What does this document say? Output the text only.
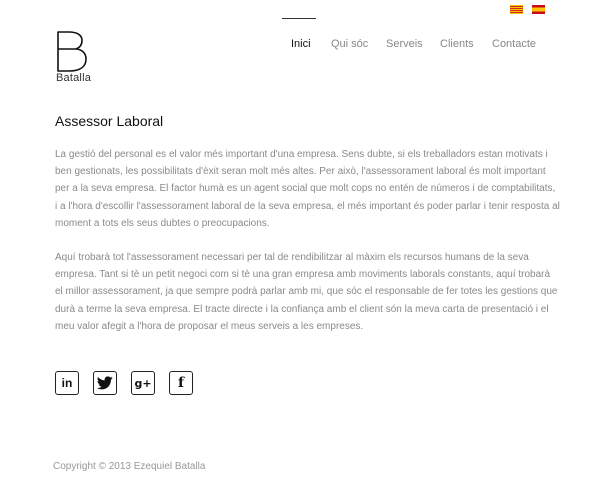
Batalla
Inici Qui sóc Serveis Clients Contacte
Assessor Laboral

La gestió del personal es el valor més important d'una empresa. Sens dubte, si els treballadors estan motivats i ben gestionats, les possibilitats d'èxit seran molt més altes. Per això, l'assessorament laboral és molt important per a la seva empresa. El factor humà es un agent social que molt cops no entén de números i de comptabilitats, i a l'hora d'escollir l'assessorament laboral de la seva empresa, el més important és poder parlar i tenir resposta al moment a tots els seus dubtes o preocupacions.

Aquí trobarà tot l'assessorament necessari per tal de rendibilitzar al màxim els recursos humans de la seva empresa. Tant si tè un petit negoci com si tè una gran empresa amb moviments laborals constants, aquí trobarà el millor assessorament, ja que sempre podrà parlar amb mi, que sóc el responsable de fer totes les gestions que durà a terme la seva empresa. El tracte directe i la confiança amb el client són la meva carta de presentació i el meu valor afegit a l'hora de proposar el meus serveis a les empreses.

in	g+	f
Copyright © 2013 Ezequiel Batalla
